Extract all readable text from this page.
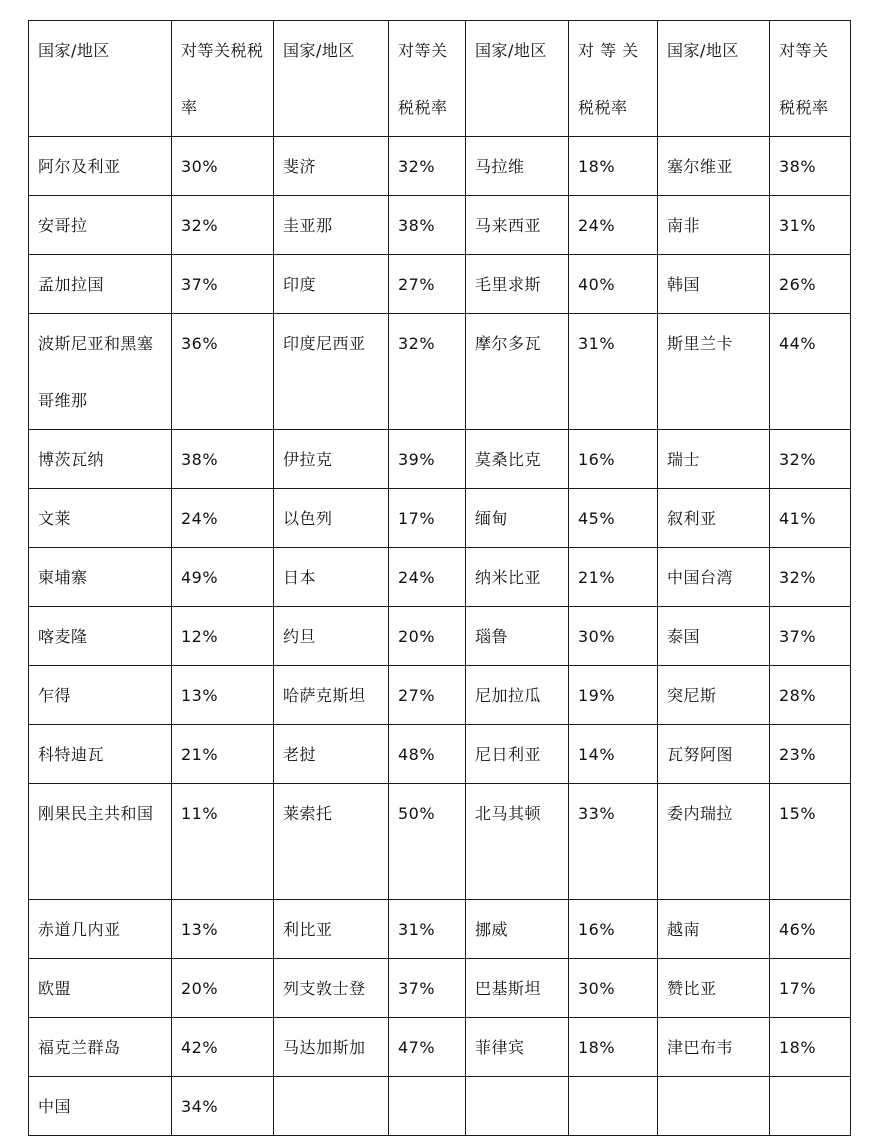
国家/地区	对等关税税率	国家/地区	对等关税税率	国家/地区	对 等 关 税税率	国家/地区	对等关税税率

阿尔及利亚	30%	斐济	32%	马拉维	18%	塞尔维亚	38%

安哥拉	32%	圭亚那	38%	马来西亚	24%	南非	31%

孟加拉国	37%	印度	27%	毛里求斯	40%	韩国	26%

波斯尼亚和黑塞哥维那	36%	印度尼西亚	32%	摩尔多瓦	31%	斯里兰卡	44%

博茨瓦纳	38%	伊拉克	39%	莫桑比克	16%	瑞士	32%

文莱	24%	以色列	17%	缅甸	45%	叙利亚	41%

柬埔寨	49%	日本	24%	纳米比亚	21%	中国台湾	32%

喀麦隆	12%	约旦	20%	瑙鲁	30%	泰国	37%

乍得	13%	哈萨克斯坦	27%	尼加拉瓜	19%	突尼斯	28%

科特迪瓦	21%	老挝	48%	尼日利亚	14%	瓦努阿图	23%

刚果民主共和国	11%	莱索托	50%	北马其顿	33%	委内瑞拉	15%

赤道几内亚	13%	利比亚	31%	挪威	16%	越南	46%

欧盟	20%	列支敦士登	37%	巴基斯坦	30%	赞比亚	17%

福克兰群岛	42%	马达加斯加	47%	菲律宾	18%	津巴布韦	18%

中国	34%						
